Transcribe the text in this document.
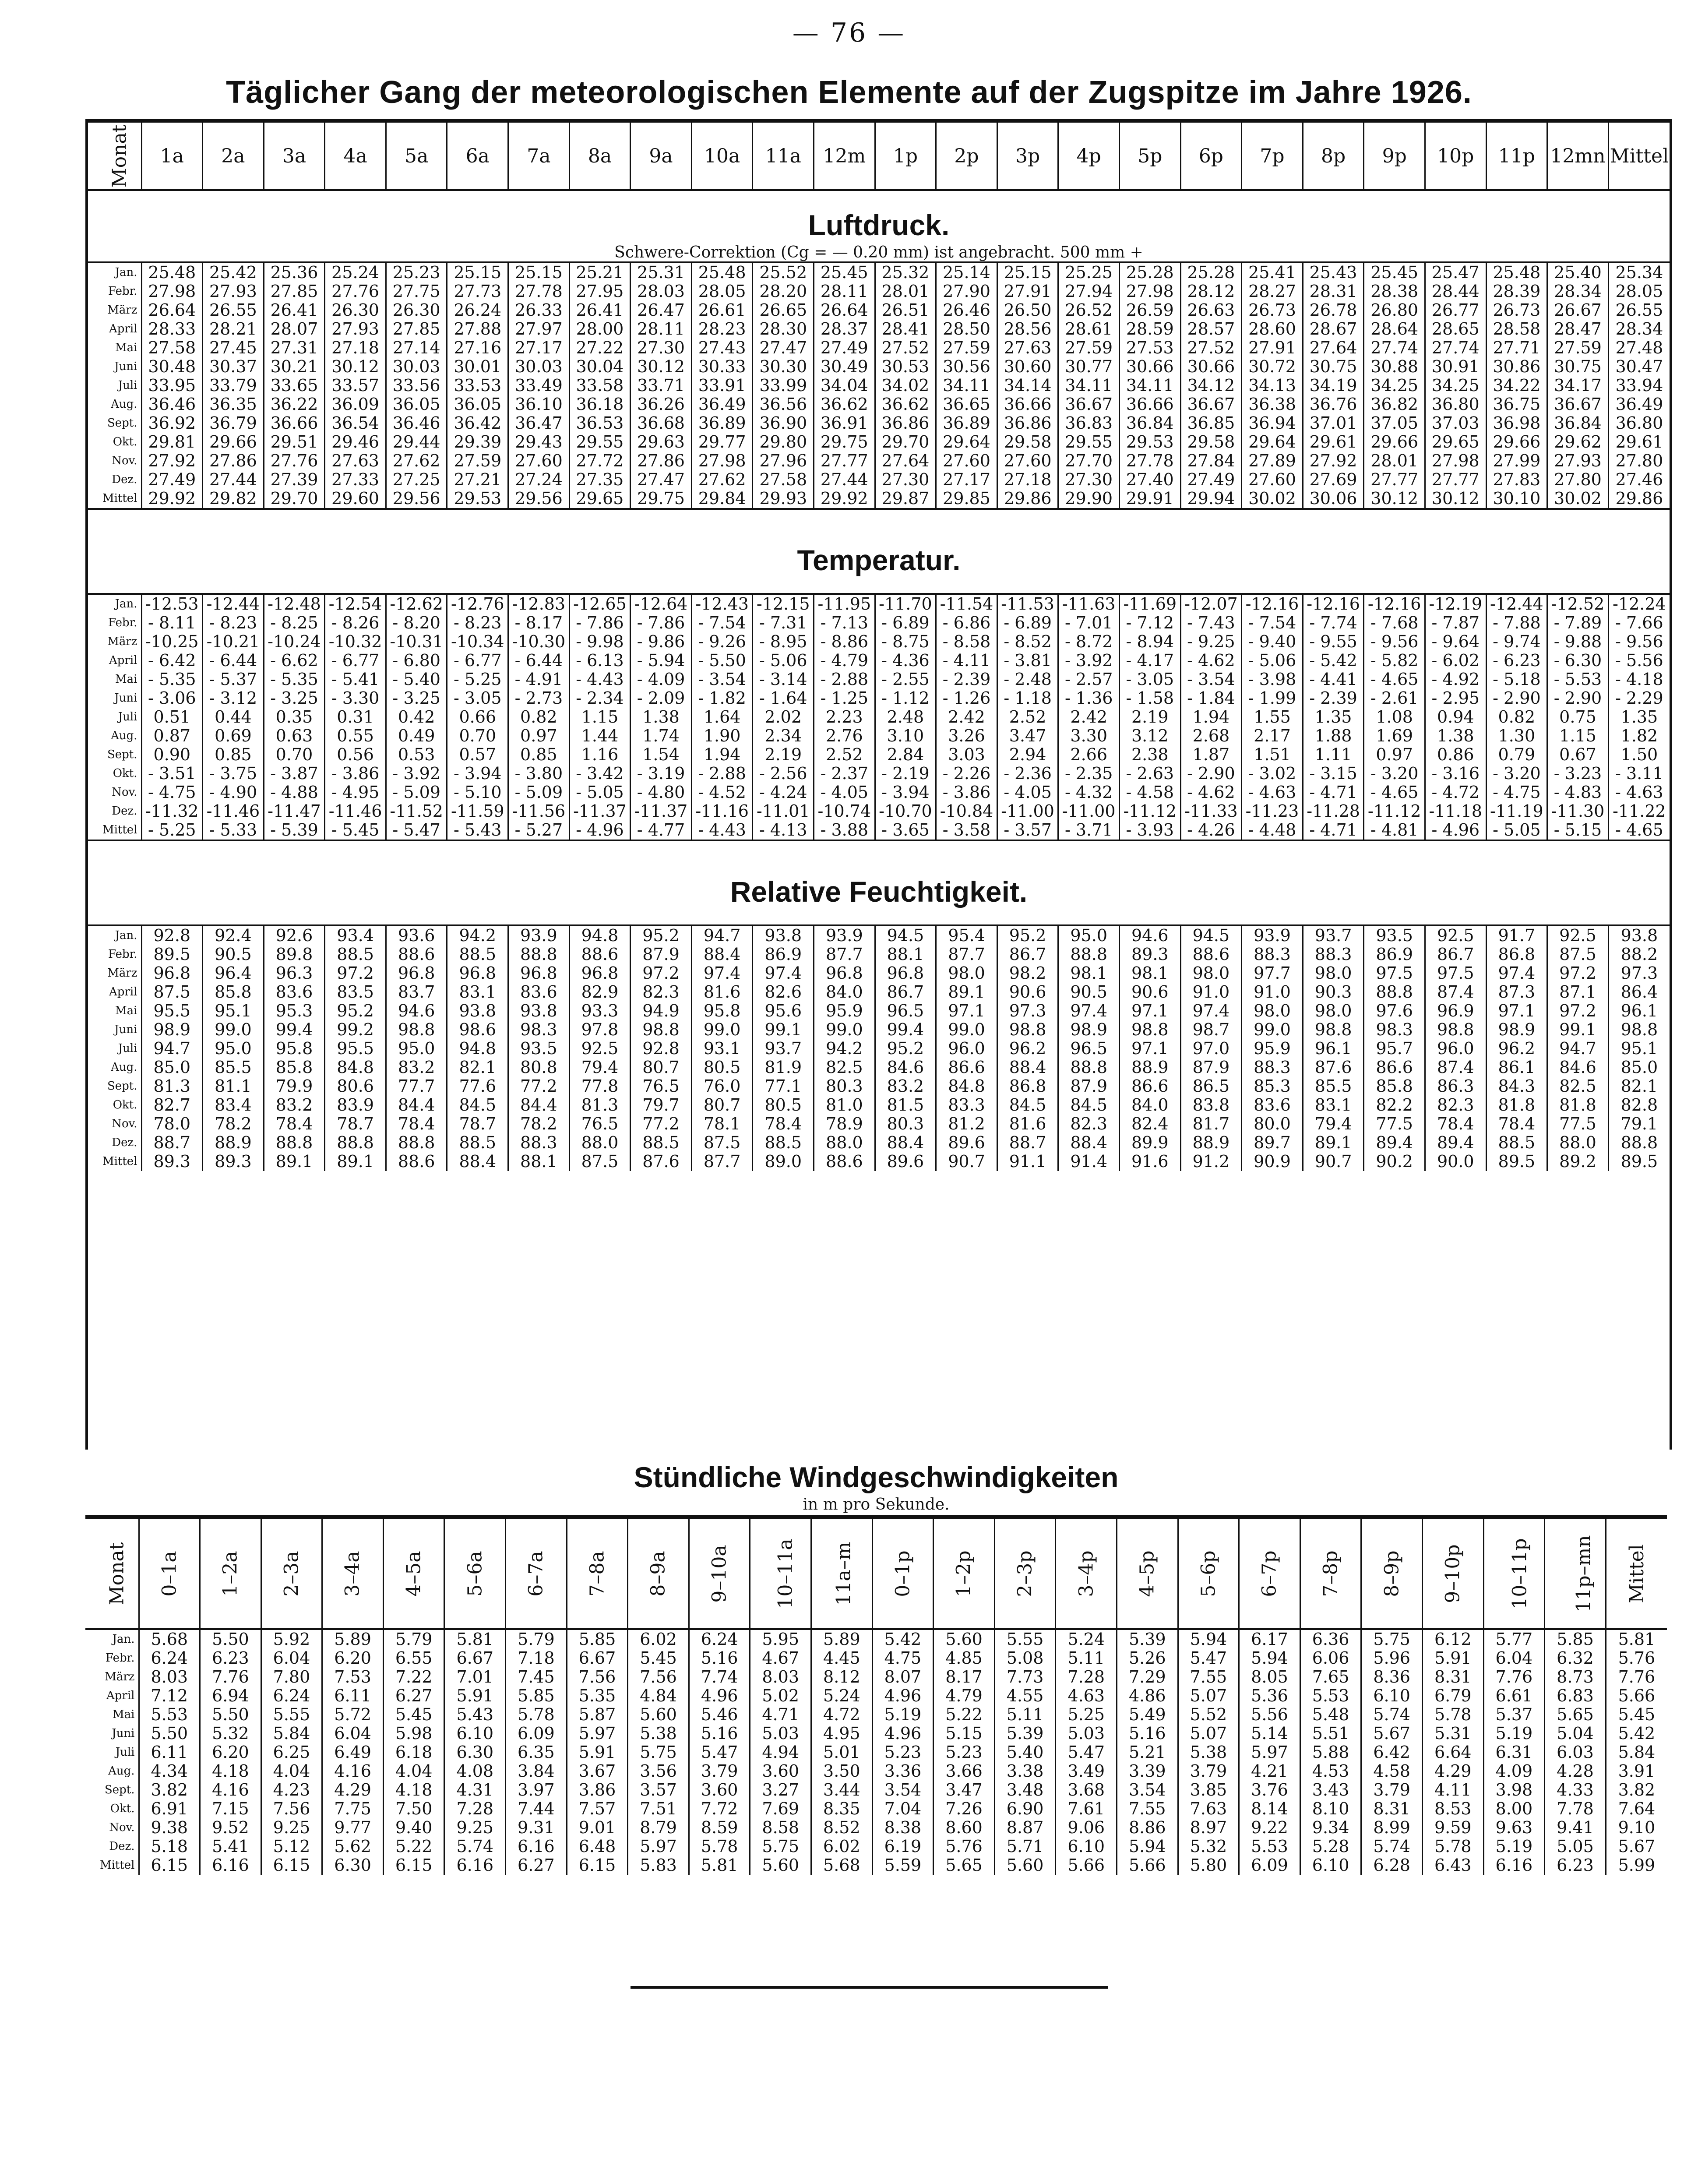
— 76 —
Täglicher Gang der meteorologischen Elemente auf der Zugspitze im Jahre 1926.
Monat	1a	2a	3a	4a	5a	6a	7a	8a	9a	10a	11a	12m	1p	2p	3p	4p	5p	6p	7p	8p	9p	10p	11p	12mn	Mittel

Luftdruck.
Schwere-Correktion (Cg = — 0.20 mm) ist angebracht. 500 mm +																									

Jan.	25.48	25.42	25.36	25.24	25.23	25.15	25.15	25.21	25.31	25.48	25.52	25.45	25.32	25.14	25.15	25.25	25.28	25.28	25.41	25.43	25.45	25.47	25.48	25.40	25.34
Febr.	27.98	27.93	27.85	27.76	27.75	27.73	27.78	27.95	28.03	28.05	28.20	28.11	28.01	27.90	27.91	27.94	27.98	28.12	28.27	28.31	28.38	28.44	28.39	28.34	28.05
März	26.64	26.55	26.41	26.30	26.30	26.24	26.33	26.41	26.47	26.61	26.65	26.64	26.51	26.46	26.50	26.52	26.59	26.63	26.73	26.78	26.80	26.77	26.73	26.67	26.55
April	28.33	28.21	28.07	27.93	27.85	27.88	27.97	28.00	28.11	28.23	28.30	28.37	28.41	28.50	28.56	28.61	28.59	28.57	28.60	28.67	28.64	28.65	28.58	28.47	28.34
Mai	27.58	27.45	27.31	27.18	27.14	27.16	27.17	27.22	27.30	27.43	27.47	27.49	27.52	27.59	27.63	27.59	27.53	27.52	27.91	27.64	27.74	27.74	27.71	27.59	27.48
Juni	30.48	30.37	30.21	30.12	30.03	30.01	30.03	30.04	30.12	30.33	30.30	30.49	30.53	30.56	30.60	30.77	30.66	30.66	30.72	30.75	30.88	30.91	30.86	30.75	30.47
Juli	33.95	33.79	33.65	33.57	33.56	33.53	33.49	33.58	33.71	33.91	33.99	34.04	34.02	34.11	34.14	34.11	34.11	34.12	34.13	34.19	34.25	34.25	34.22	34.17	33.94
Aug.	36.46	36.35	36.22	36.09	36.05	36.05	36.10	36.18	36.26	36.49	36.56	36.62	36.62	36.65	36.66	36.67	36.66	36.67	36.38	36.76	36.82	36.80	36.75	36.67	36.49
Sept.	36.92	36.79	36.66	36.54	36.46	36.42	36.47	36.53	36.68	36.89	36.90	36.91	36.86	36.89	36.86	36.83	36.84	36.85	36.94	37.01	37.05	37.03	36.98	36.84	36.80
Okt.	29.81	29.66	29.51	29.46	29.44	29.39	29.43	29.55	29.63	29.77	29.80	29.75	29.70	29.64	29.58	29.55	29.53	29.58	29.64	29.61	29.66	29.65	29.66	29.62	29.61
Nov.	27.92	27.86	27.76	27.63	27.62	27.59	27.60	27.72	27.86	27.98	27.96	27.77	27.64	27.60	27.60	27.70	27.78	27.84	27.89	27.92	28.01	27.98	27.99	27.93	27.80
Dez.	27.49	27.44	27.39	27.33	27.25	27.21	27.24	27.35	27.47	27.62	27.58	27.44	27.30	27.17	27.18	27.30	27.40	27.49	27.60	27.69	27.77	27.77	27.83	27.80	27.46
Mittel	29.92	29.82	29.70	29.60	29.56	29.53	29.56	29.65	29.75	29.84	29.93	29.92	29.87	29.85	29.86	29.90	29.91	29.94	30.02	30.06	30.12	30.12	30.10	30.02	29.86

Temperatur.																									

Jan.	-12.53	-12.44	-12.48	-12.54	-12.62	-12.76	-12.83	-12.65	-12.64	-12.43	-12.15	-11.95	-11.70	-11.54	-11.53	-11.63	-11.69	-12.07	-12.16	-12.16	-12.16	-12.19	-12.44	-12.52	-12.24
Febr.	- 8.11	- 8.23	- 8.25	- 8.26	- 8.20	- 8.23	- 8.17	- 7.86	- 7.86	- 7.54	- 7.31	- 7.13	- 6.89	- 6.86	- 6.89	- 7.01	- 7.12	- 7.43	- 7.54	- 7.74	- 7.68	- 7.87	- 7.88	- 7.89	- 7.66
März	-10.25	-10.21	-10.24	-10.32	-10.31	-10.34	-10.30	- 9.98	- 9.86	- 9.26	- 8.95	- 8.86	- 8.75	- 8.58	- 8.52	- 8.72	- 8.94	- 9.25	- 9.40	- 9.55	- 9.56	- 9.64	- 9.74	- 9.88	- 9.56
April	- 6.42	- 6.44	- 6.62	- 6.77	- 6.80	- 6.77	- 6.44	- 6.13	- 5.94	- 5.50	- 5.06	- 4.79	- 4.36	- 4.11	- 3.81	- 3.92	- 4.17	- 4.62	- 5.06	- 5.42	- 5.82	- 6.02	- 6.23	- 6.30	- 5.56
Mai	- 5.35	- 5.37	- 5.35	- 5.41	- 5.40	- 5.25	- 4.91	- 4.43	- 4.09	- 3.54	- 3.14	- 2.88	- 2.55	- 2.39	- 2.48	- 2.57	- 3.05	- 3.54	- 3.98	- 4.41	- 4.65	- 4.92	- 5.18	- 5.53	- 4.18
Juni	- 3.06	- 3.12	- 3.25	- 3.30	- 3.25	- 3.05	- 2.73	- 2.34	- 2.09	- 1.82	- 1.64	- 1.25	- 1.12	- 1.26	- 1.18	- 1.36	- 1.58	- 1.84	- 1.99	- 2.39	- 2.61	- 2.95	- 2.90	- 2.90	- 2.29
Juli	0.51	0.44	0.35	0.31	0.42	0.66	0.82	1.15	1.38	1.64	2.02	2.23	2.48	2.42	2.52	2.42	2.19	1.94	1.55	1.35	1.08	0.94	0.82	0.75	1.35
Aug.	0.87	0.69	0.63	0.55	0.49	0.70	0.97	1.44	1.74	1.90	2.34	2.76	3.10	3.26	3.47	3.30	3.12	2.68	2.17	1.88	1.69	1.38	1.30	1.15	1.82
Sept.	0.90	0.85	0.70	0.56	0.53	0.57	0.85	1.16	1.54	1.94	2.19	2.52	2.84	3.03	2.94	2.66	2.38	1.87	1.51	1.11	0.97	0.86	0.79	0.67	1.50
Okt.	- 3.51	- 3.75	- 3.87	- 3.86	- 3.92	- 3.94	- 3.80	- 3.42	- 3.19	- 2.88	- 2.56	- 2.37	- 2.19	- 2.26	- 2.36	- 2.35	- 2.63	- 2.90	- 3.02	- 3.15	- 3.20	- 3.16	- 3.20	- 3.23	- 3.11
Nov.	- 4.75	- 4.90	- 4.88	- 4.95	- 5.09	- 5.10	- 5.09	- 5.05	- 4.80	- 4.52	- 4.24	- 4.05	- 3.94	- 3.86	- 4.05	- 4.32	- 4.58	- 4.62	- 4.63	- 4.71	- 4.65	- 4.72	- 4.75	- 4.83	- 4.63
Dez.	-11.32	-11.46	-11.47	-11.46	-11.52	-11.59	-11.56	-11.37	-11.37	-11.16	-11.01	-10.74	-10.70	-10.84	-11.00	-11.00	-11.12	-11.33	-11.23	-11.28	-11.12	-11.18	-11.19	-11.30	-11.22
Mittel	- 5.25	- 5.33	- 5.39	- 5.45	- 5.47	- 5.43	- 5.27	- 4.96	- 4.77	- 4.43	- 4.13	- 3.88	- 3.65	- 3.58	- 3.57	- 3.71	- 3.93	- 4.26	- 4.48	- 4.71	- 4.81	- 4.96	- 5.05	- 5.15	- 4.65

Relative Feuchtigkeit.																									

Jan.	92.8	92.4	92.6	93.4	93.6	94.2	93.9	94.8	95.2	94.7	93.8	93.9	94.5	95.4	95.2	95.0	94.6	94.5	93.9	93.7	93.5	92.5	91.7	92.5	93.8
Febr.	89.5	90.5	89.8	88.5	88.6	88.5	88.8	88.6	87.9	88.4	86.9	87.7	88.1	87.7	86.7	88.8	89.3	88.6	88.3	88.3	86.9	86.7	86.8	87.5	88.2
März	96.8	96.4	96.3	97.2	96.8	96.8	96.8	96.8	97.2	97.4	97.4	96.8	96.8	98.0	98.2	98.1	98.1	98.0	97.7	98.0	97.5	97.5	97.4	97.2	97.3
April	87.5	85.8	83.6	83.5	83.7	83.1	83.6	82.9	82.3	81.6	82.6	84.0	86.7	89.1	90.6	90.5	90.6	91.0	91.0	90.3	88.8	87.4	87.3	87.1	86.4
Mai	95.5	95.1	95.3	95.2	94.6	93.8	93.8	93.3	94.9	95.8	95.6	95.9	96.5	97.1	97.3	97.4	97.1	97.4	98.0	98.0	97.6	96.9	97.1	97.2	96.1
Juni	98.9	99.0	99.4	99.2	98.8	98.6	98.3	97.8	98.8	99.0	99.1	99.0	99.4	99.0	98.8	98.9	98.8	98.7	99.0	98.8	98.3	98.8	98.9	99.1	98.8
Juli	94.7	95.0	95.8	95.5	95.0	94.8	93.5	92.5	92.8	93.1	93.7	94.2	95.2	96.0	96.2	96.5	97.1	97.0	95.9	96.1	95.7	96.0	96.2	94.7	95.1
Aug.	85.0	85.5	85.8	84.8	83.2	82.1	80.8	79.4	80.7	80.5	81.9	82.5	84.6	86.6	88.4	88.8	88.9	87.9	88.3	87.6	86.6	87.4	86.1	84.6	85.0
Sept.	81.3	81.1	79.9	80.6	77.7	77.6	77.2	77.8	76.5	76.0	77.1	80.3	83.2	84.8	86.8	87.9	86.6	86.5	85.3	85.5	85.8	86.3	84.3	82.5	82.1
Okt.	82.7	83.4	83.2	83.9	84.4	84.5	84.4	81.3	79.7	80.7	80.5	81.0	81.5	83.3	84.5	84.5	84.0	83.8	83.6	83.1	82.2	82.3	81.8	81.8	82.8
Nov.	78.0	78.2	78.4	78.7	78.4	78.7	78.2	76.5	77.2	78.1	78.4	78.9	80.3	81.2	81.6	82.3	82.4	81.7	80.0	79.4	77.5	78.4	78.4	77.5	79.1
Dez.	88.7	88.9	88.8	88.8	88.8	88.5	88.3	88.0	88.5	87.5	88.5	88.0	88.4	89.6	88.7	88.4	89.9	88.9	89.7	89.1	89.4	89.4	88.5	88.0	88.8
Mittel	89.3	89.3	89.1	89.1	88.6	88.4	88.1	87.5	87.6	87.7	89.0	88.6	89.6	90.7	91.1	91.4	91.6	91.2	90.9	90.7	90.2	90.0	89.5	89.2	89.5
Stündliche Windgeschwindigkeiten
in m pro Sekunde.																									

Monat	0–1a	1–2a	2–3a	3–4a	4–5a	5–6a	6–7a	7–8a	8–9a	9–10a	10–11a	11a–m	0–1p	1–2p	2–3p	3–4p	4–5p	5–6p	6–7p	7–8p	8–9p	9–10p	10–11p	11p–mn	Mittel
Jan.	5.68	5.50	5.92	5.89	5.79	5.81	5.79	5.85	6.02	6.24	5.95	5.89	5.42	5.60	5.55	5.24	5.39	5.94	6.17	6.36	5.75	6.12	5.77	5.85	5.81
Febr.	6.24	6.23	6.04	6.20	6.55	6.67	7.18	6.67	5.45	5.16	4.67	4.45	4.75	4.85	5.08	5.11	5.26	5.47	5.94	6.06	5.96	5.91	6.04	6.32	5.76
März	8.03	7.76	7.80	7.53	7.22	7.01	7.45	7.56	7.56	7.74	8.03	8.12	8.07	8.17	7.73	7.28	7.29	7.55	8.05	7.65	8.36	8.31	7.76	8.73	7.76
April	7.12	6.94	6.24	6.11	6.27	5.91	5.85	5.35	4.84	4.96	5.02	5.24	4.96	4.79	4.55	4.63	4.86	5.07	5.36	5.53	6.10	6.79	6.61	6.83	5.66
Mai	5.53	5.50	5.55	5.72	5.45	5.43	5.78	5.87	5.60	5.46	4.71	4.72	5.19	5.22	5.11	5.25	5.49	5.52	5.56	5.48	5.74	5.78	5.37	5.65	5.45
Juni	5.50	5.32	5.84	6.04	5.98	6.10	6.09	5.97	5.38	5.16	5.03	4.95	4.96	5.15	5.39	5.03	5.16	5.07	5.14	5.51	5.67	5.31	5.19	5.04	5.42
Juli	6.11	6.20	6.25	6.49	6.18	6.30	6.35	5.91	5.75	5.47	4.94	5.01	5.23	5.23	5.40	5.47	5.21	5.38	5.97	5.88	6.42	6.64	6.31	6.03	5.84
Aug.	4.34	4.18	4.04	4.16	4.04	4.08	3.84	3.67	3.56	3.79	3.60	3.50	3.36	3.66	3.38	3.49	3.39	3.79	4.21	4.53	4.58	4.29	4.09	4.28	3.91
Sept.	3.82	4.16	4.23	4.29	4.18	4.31	3.97	3.86	3.57	3.60	3.27	3.44	3.54	3.47	3.48	3.68	3.54	3.85	3.76	3.43	3.79	4.11	3.98	4.33	3.82
Okt.	6.91	7.15	7.56	7.75	7.50	7.28	7.44	7.57	7.51	7.72	7.69	8.35	7.04	7.26	6.90	7.61	7.55	7.63	8.14	8.10	8.31	8.53	8.00	7.78	7.64
Nov.	9.38	9.52	9.25	9.77	9.40	9.25	9.31	9.01	8.79	8.59	8.58	8.52	8.38	8.60	8.87	9.06	8.86	8.97	9.22	9.34	8.99	9.59	9.63	9.41	9.10
Dez.	5.18	5.41	5.12	5.62	5.22	5.74	6.16	6.48	5.97	5.78	5.75	6.02	6.19	5.76	5.71	6.10	5.94	5.32	5.53	5.28	5.74	5.78	5.19	5.05	5.67
Mittel	6.15	6.16	6.15	6.30	6.15	6.16	6.27	6.15	5.83	5.81	5.60	5.68	5.59	5.65	5.60	5.66	5.66	5.80	6.09	6.10	6.28	6.43	6.16	6.23	5.99
